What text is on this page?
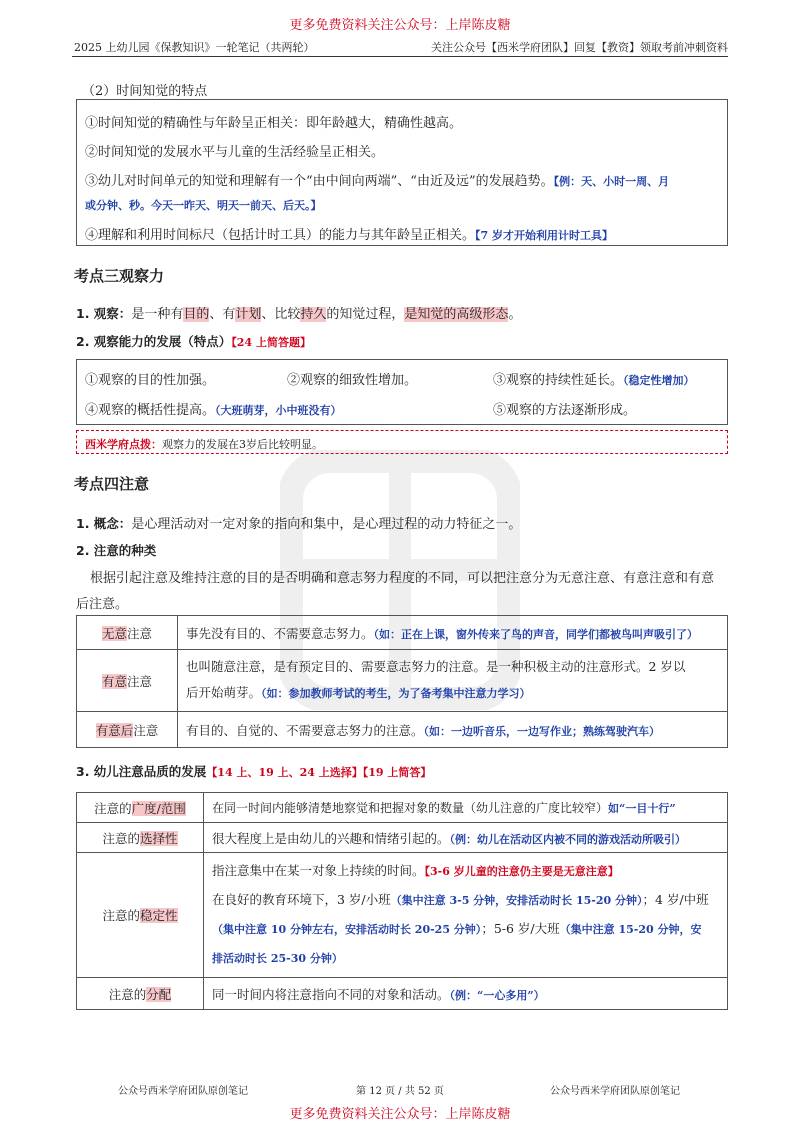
更多免费资料关注公众号：上岸陈皮糖
2025 上幼儿园《保教知识》一轮笔记（共两轮）	关注公众号【西米学府团队】回复【教资】领取考前冲刺资料
（2）时间知觉的特点
①时间知觉的精确性与年龄呈正相关：即年龄越大，精确性越高。
②时间知觉的发展水平与儿童的生活经验呈正相关。
③幼儿对时间单元的知觉和理解有一个“由中间向两端”、“由近及远”的发展趋势。【例：天、小时一周、月
或分钟、秒。今天一昨天、明天一前天、后天。】
④理解和利用时间标尺（包括计时工具）的能力与其年龄呈正相关。【7 岁才开始利用计时工具】
考点三观察力
1. 观察：是一种有目的、有计划、比较持久的知觉过程，是知觉的高级形态。
2. 观察能力的发展（特点）【24 上简答题】
①观察的目的性加强。	②观察的细致性增加。	③观察的持续性延长。（稳定性增加）
④观察的概括性提高。（大班萌芽，小中班没有）	⑤观察的方法逐渐形成。
西米学府点拨：观察力的发展在3岁后比较明显。
考点四注意
1. 概念：是心理活动对一定对象的指向和集中，是心理过程的动力特征之一。
2. 注意的种类
根据引起注意及维持注意的目的是否明确和意志努力程度的不同，可以把注意分为无意注意、有意注意和有意
后注意。
无意注意	事先没有目的、不需要意志努力。（如：正在上课，窗外传来了鸟的声音，同学们都被鸟叫声吸引了）
有意注意	也叫随意注意，是有预定目的、需要意志努力的注意。是一种积极主动的注意形式。2 岁以
后开始萌芽。（如：参加教师考试的考生，为了备考集中注意力学习）
有意后注意	有目的、自觉的、不需要意志努力的注意。（如：一边听音乐，一边写作业；熟练驾驶汽车）
3. 幼儿注意品质的发展【14 上、19 上、24 上选择】【19 上简答】
注意的广度/范围	在同一时间内能够清楚地察觉和把握对象的数量（幼儿注意的广度比较窄）如“一目十行”
注意的选择性	很大程度上是由幼儿的兴趣和情绪引起的。（例：幼儿在活动区内被不同的游戏活动所吸引）
注意的稳定性	指注意集中在某一对象上持续的时间。【3-6 岁儿童的注意仍主要是无意注意】
在良好的教育环境下，3 岁/小班（集中注意 3-5 分钟，安排活动时长 15-20 分钟）；4 岁/中班
（集中注意 10 分钟左右，安排活动时长 20-25 分钟）；5-6 岁/大班（集中注意 15-20 分钟，安
排活动时长 25-30 分钟）
注意的分配	同一时间内将注意指向不同的对象和活动。（例：“一心多用”）
公众号西米学府团队原创笔记	第 12 页 / 共 52 页	公众号西米学府团队原创笔记
更多免费资料关注公众号：上岸陈皮糖
